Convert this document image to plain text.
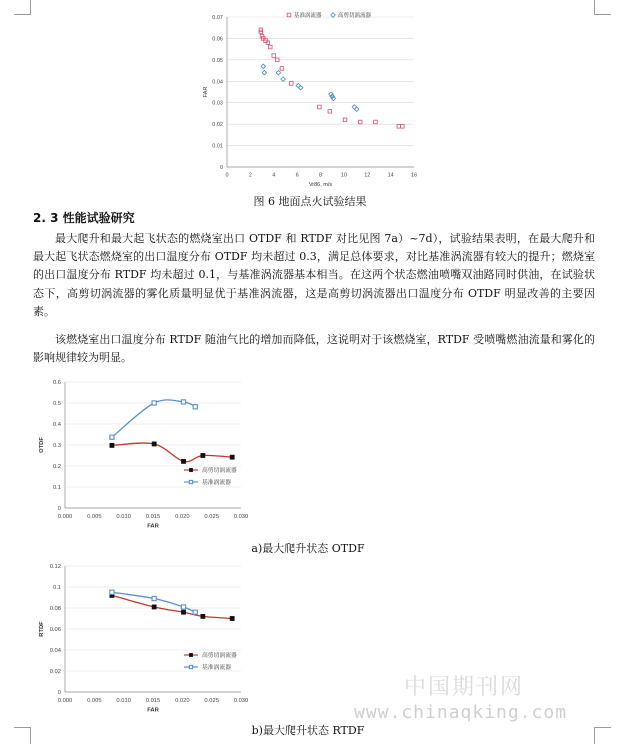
0
0.01
0.02
0.03
0.04
0.05
0.06
0.07
0	2	4	6	8	10	12	14	16
Vr86, m/s
FAR
基准涡流器	高剪切涡流器
图 6 地面点火试验结果
2. 3 性能试验研究

最大爬升和最大起飞状态的燃烧室出口 OTDF 和 RTDF 对比见图 7a）~7d），试验结果表明，在最大爬升和最大起飞状态燃烧室的出口温度分布 OTDF 均未超过 0.3，满足总体要求，对比基准涡流器有较大的提升；燃烧室的出口温度分布 RTDF 均未超过 0.1，与基准涡流器基本相当。在这两个状态燃油喷嘴双油路同时供油，在试验状态下，高剪切涡流器的雾化质量明显优于基准涡流器，这是高剪切涡流器出口温度分布 OTDF 明显改善的主要因素。

该燃烧室出口温度分布 RTDF 随油气比的增加而降低，这说明对于该燃烧室，RTDF 受喷嘴燃油流量和雾化的影响规律较为明显。

0
0.1
0.2
0.3
0.4
0.5
0.6
0.000	0.005	0.010	0.015	0.020	0.025	0.030
FAR
OTDF
高剪切涡流器
基准涡流器
a)最大爬升状态 OTDF
0
0.02
0.04
0.06
0.08
0.1
0.12
0.000	0.005	0.010	0.015	0.020	0.025	0.030
FAR
RTDF
高剪切涡流器
基准涡流器
b)最大爬升状态 RTDF
中国期刊网
www.chinaqking.com
